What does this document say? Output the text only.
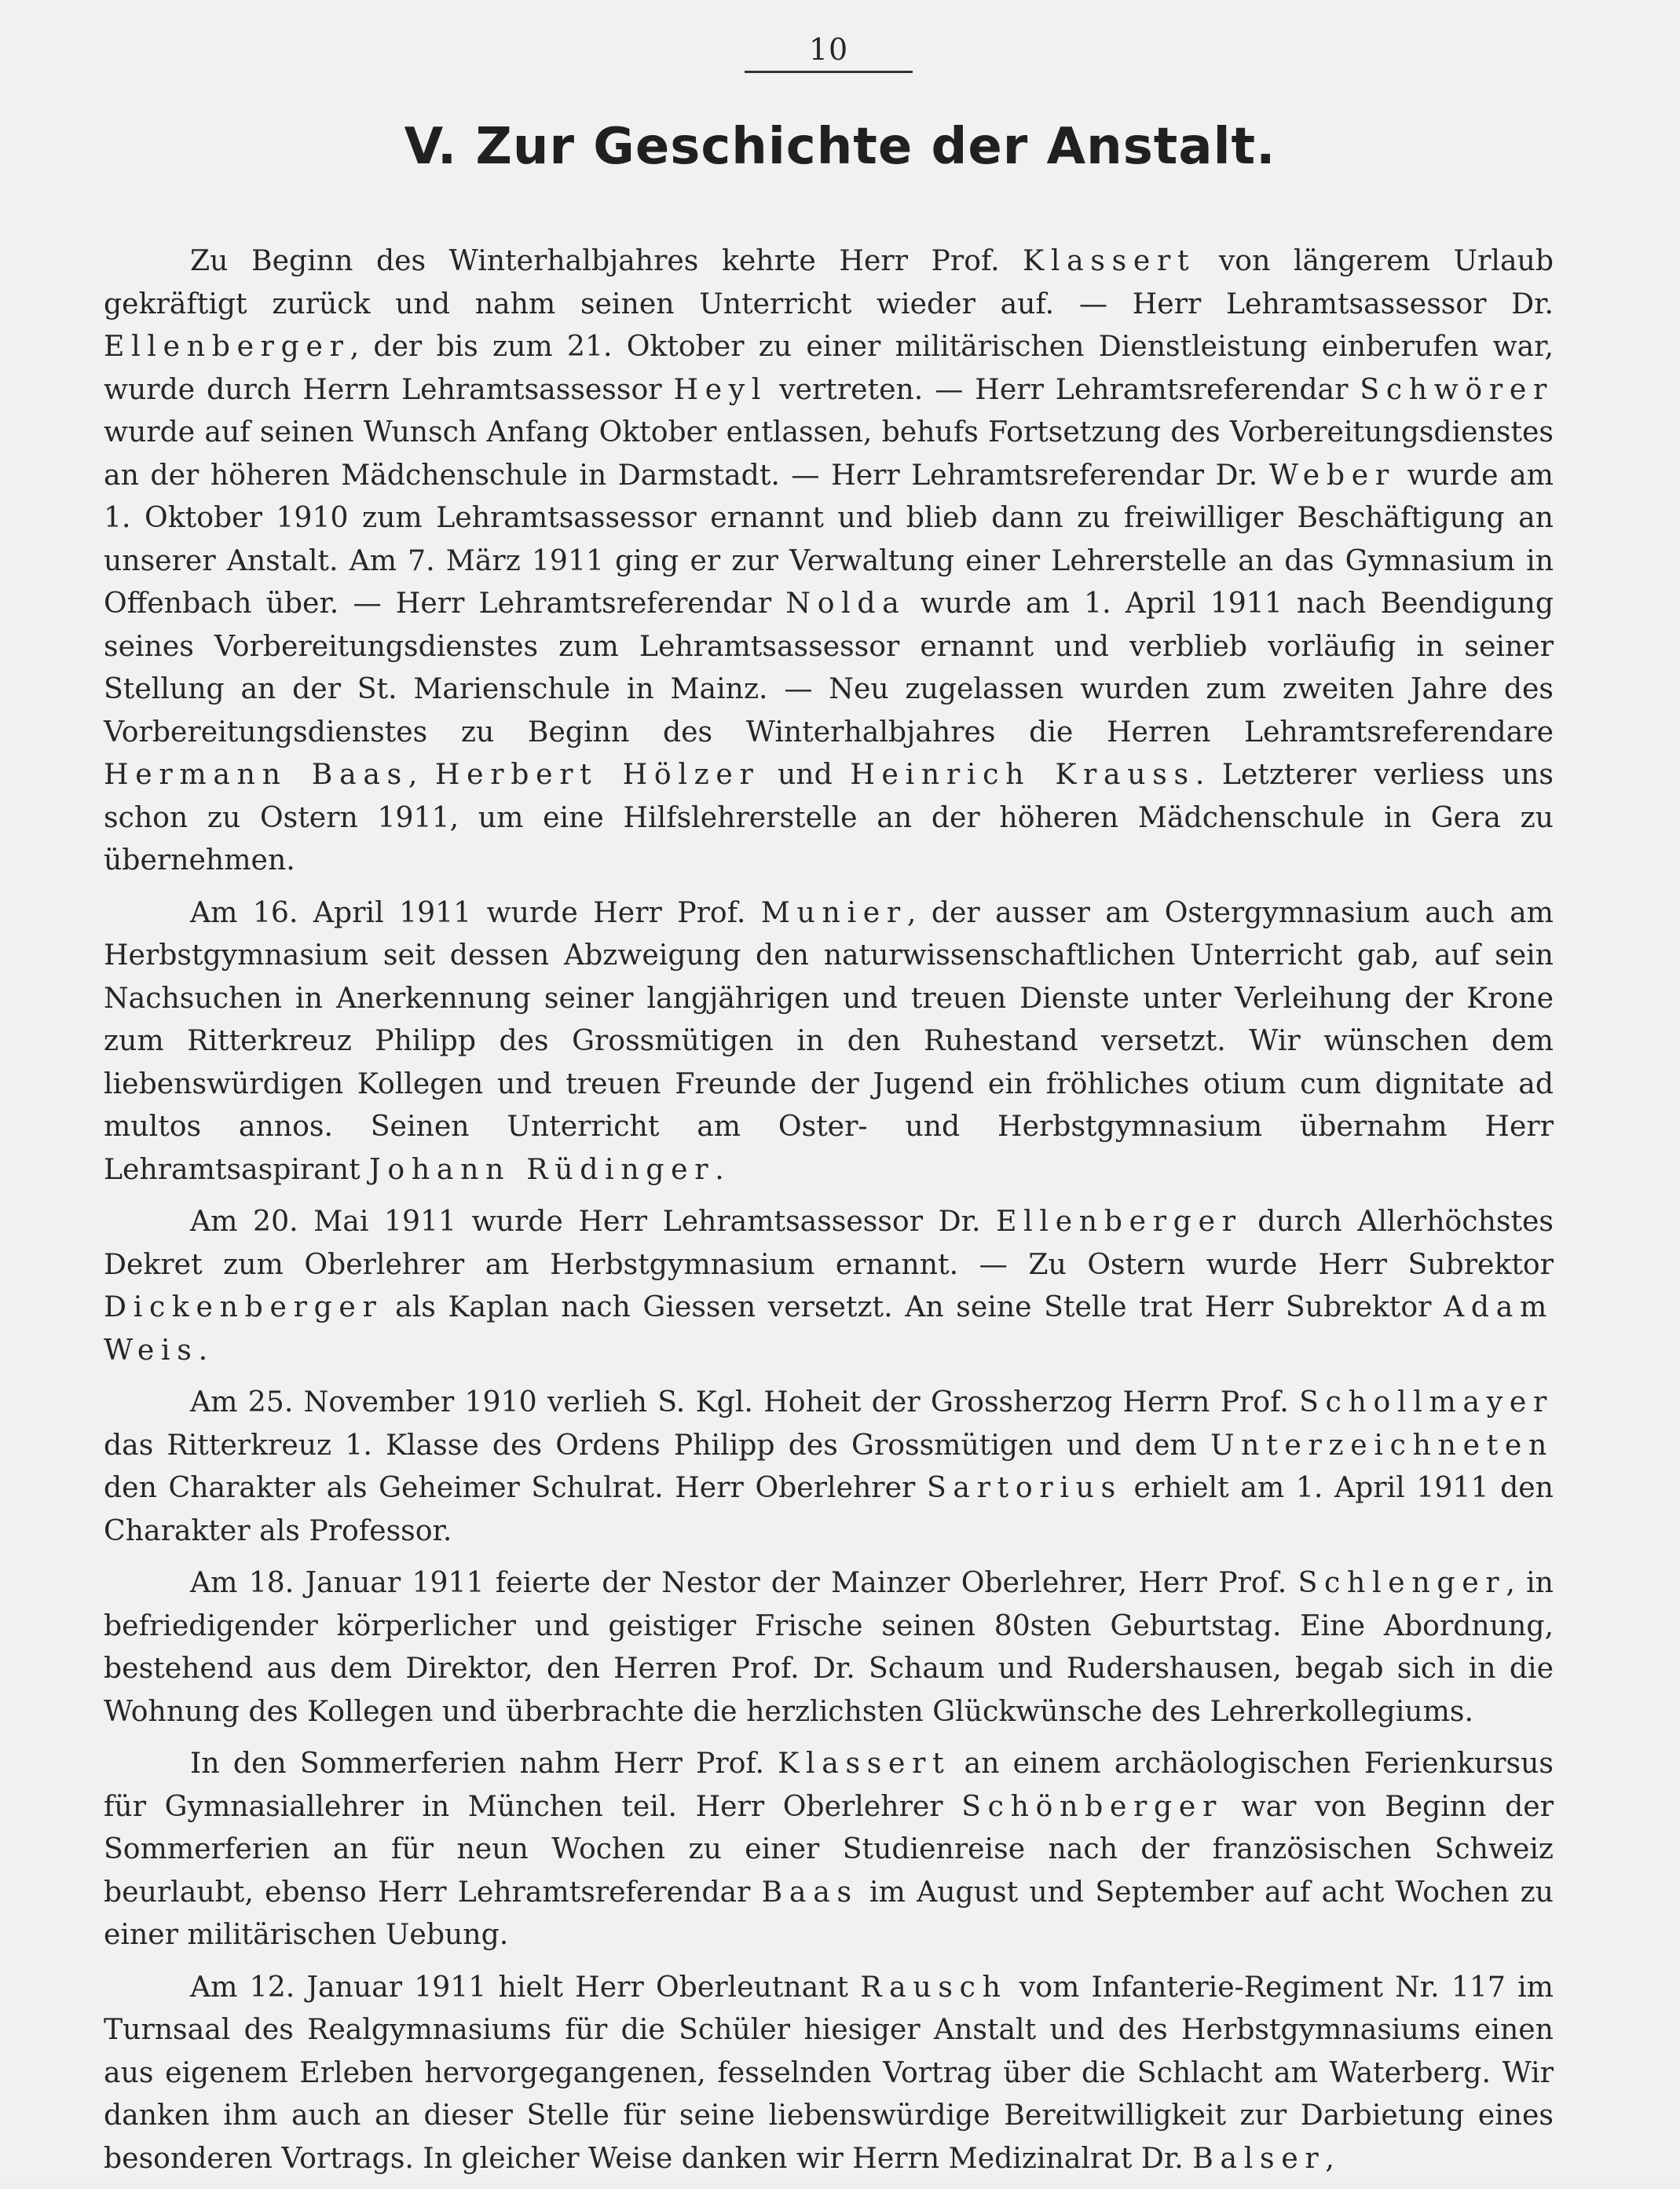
10
V. Zur Geschichte der Anstalt.

Zu Beginn des Winterhalbjahres kehrte Herr Prof. Klassert von längerem Urlaub gekräftigt zurück und nahm seinen Unterricht wieder auf. — Herr Lehramtsassessor Dr. Ellenberger, der bis zum 21. Oktober zu einer militärischen Dienstleistung einberufen war, wurde durch Herrn Lehramtsassessor Heyl vertreten. — Herr Lehramtsreferendar Schwörer wurde auf seinen Wunsch Anfang Oktober entlassen, behufs Fortsetzung des Vorbereitungsdienstes an der höheren Mädchenschule in Darmstadt. — Herr Lehramtsreferendar Dr. Weber wurde am 1. Oktober 1910 zum Lehramtsassessor ernannt und blieb dann zu freiwilliger Beschäftigung an unserer Anstalt. Am 7. März 1911 ging er zur Verwaltung einer Lehrerstelle an das Gymnasium in Offenbach über. — Herr Lehramtsreferendar Nolda wurde am 1. April 1911 nach Beendigung seines Vorbereitungsdienstes zum Lehramtsassessor ernannt und verblieb vorläufig in seiner Stellung an der St. Marienschule in Mainz. — Neu zugelassen wurden zum zweiten Jahre des Vorbereitungsdienstes zu Beginn des Winterhalbjahres die Herren Lehramtsreferendare Hermann Baas, Herbert Hölzer und Heinrich Krauss. Letzterer verliess uns schon zu Ostern 1911, um eine Hilfslehrerstelle an der höheren Mädchenschule in Gera zu übernehmen.

Am 16. April 1911 wurde Herr Prof. Munier, der ausser am Ostergymnasium auch am Herbstgymnasium seit dessen Abzweigung den naturwissenschaftlichen Unterricht gab, auf sein Nachsuchen in Anerkennung seiner langjährigen und treuen Dienste unter Verleihung der Krone zum Ritterkreuz Philipp des Grossmütigen in den Ruhestand versetzt. Wir wünschen dem liebenswürdigen Kollegen und treuen Freunde der Jugend ein fröhliches otium cum dignitate ad multos annos. Seinen Unterricht am Oster- und Herbstgymnasium übernahm Herr Lehramtsaspirant Johann Rüdinger.

Am 20. Mai 1911 wurde Herr Lehramtsassessor Dr. Ellenberger durch Allerhöchstes Dekret zum Oberlehrer am Herbstgymnasium ernannt. — Zu Ostern wurde Herr Subrektor Dickenberger als Kaplan nach Giessen versetzt. An seine Stelle trat Herr Subrektor Adam Weis.

Am 25. November 1910 verlieh S. Kgl. Hoheit der Grossherzog Herrn Prof. Schollmayer das Ritterkreuz 1. Klasse des Ordens Philipp des Grossmütigen und dem Unterzeichneten den Charakter als Geheimer Schulrat. Herr Oberlehrer Sartorius erhielt am 1. April 1911 den Charakter als Professor.

Am 18. Januar 1911 feierte der Nestor der Mainzer Oberlehrer, Herr Prof. Schlenger, in befriedigender körperlicher und geistiger Frische seinen 80sten Geburtstag. Eine Abordnung, bestehend aus dem Direktor, den Herren Prof. Dr. Schaum und Rudershausen, begab sich in die Wohnung des Kollegen und überbrachte die herzlichsten Glückwünsche des Lehrerkollegiums.

In den Sommerferien nahm Herr Prof. Klassert an einem archäologischen Ferienkursus für Gymnasiallehrer in München teil. Herr Oberlehrer Schönberger war von Beginn der Sommerferien an für neun Wochen zu einer Studienreise nach der französischen Schweiz beurlaubt, ebenso Herr Lehramtsreferendar Baas im August und September auf acht Wochen zu einer militärischen Uebung.

Am 12. Januar 1911 hielt Herr Oberleutnant Rausch vom Infanterie-Regiment Nr. 117 im Turnsaal des Realgymnasiums für die Schüler hiesiger Anstalt und des Herbstgymnasiums einen aus eigenem Erleben hervorgegangenen, fesselnden Vortrag über die Schlacht am Waterberg. Wir danken ihm auch an dieser Stelle für seine liebenswürdige Bereitwilligkeit zur Darbietung eines besonderen Vortrags. In gleicher Weise danken wir Herrn Medizinalrat Dr. Balser,
